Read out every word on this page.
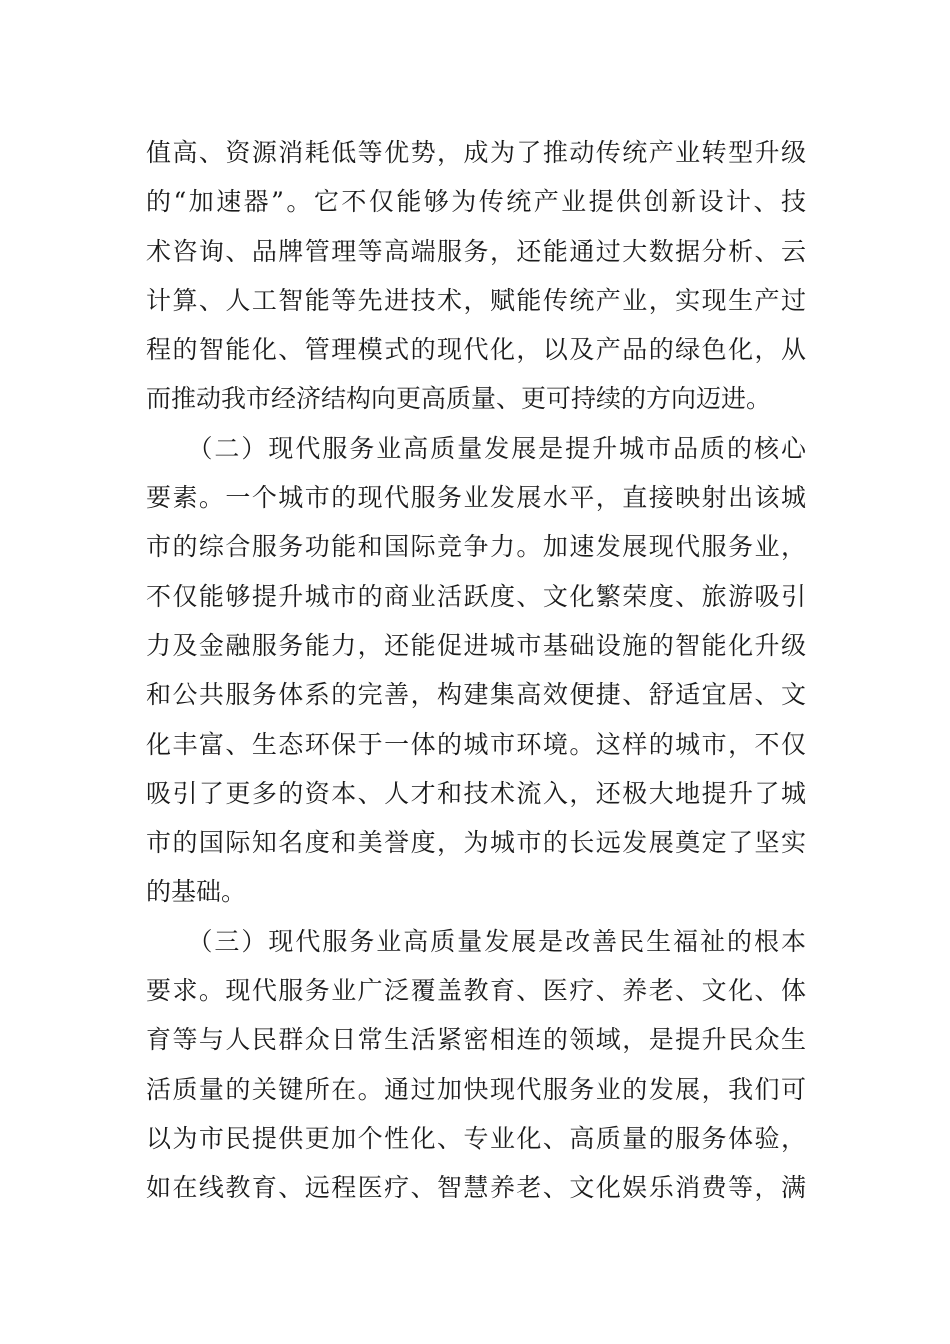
值高、资源消耗低等优势，成为了推动传统产业转型升级
的“加速器”。它不仅能够为传统产业提供创新设计、技
术咨询、品牌管理等高端服务，还能通过大数据分析、云
计算、人工智能等先进技术，赋能传统产业，实现生产过
程的智能化、管理模式的现代化，以及产品的绿色化，从
而推动我市经济结构向更高质量、更可持续的方向迈进。
　　（二）现代服务业高质量发展是提升城市品质的核心
要素。一个城市的现代服务业发展水平，直接映射出该城
市的综合服务功能和国际竞争力。加速发展现代服务业，
不仅能够提升城市的商业活跃度、文化繁荣度、旅游吸引
力及金融服务能力，还能促进城市基础设施的智能化升级
和公共服务体系的完善，构建集高效便捷、舒适宜居、文
化丰富、生态环保于一体的城市环境。这样的城市，不仅
吸引了更多的资本、人才和技术流入，还极大地提升了城
市的国际知名度和美誉度，为城市的长远发展奠定了坚实
的基础。
　　（三）现代服务业高质量发展是改善民生福祉的根本
要求。现代服务业广泛覆盖教育、医疗、养老、文化、体
育等与人民群众日常生活紧密相连的领域，是提升民众生
活质量的关键所在。通过加快现代服务业的发展，我们可
以为市民提供更加个性化、专业化、高质量的服务体验，
如在线教育、远程医疗、智慧养老、文化娱乐消费等，满
